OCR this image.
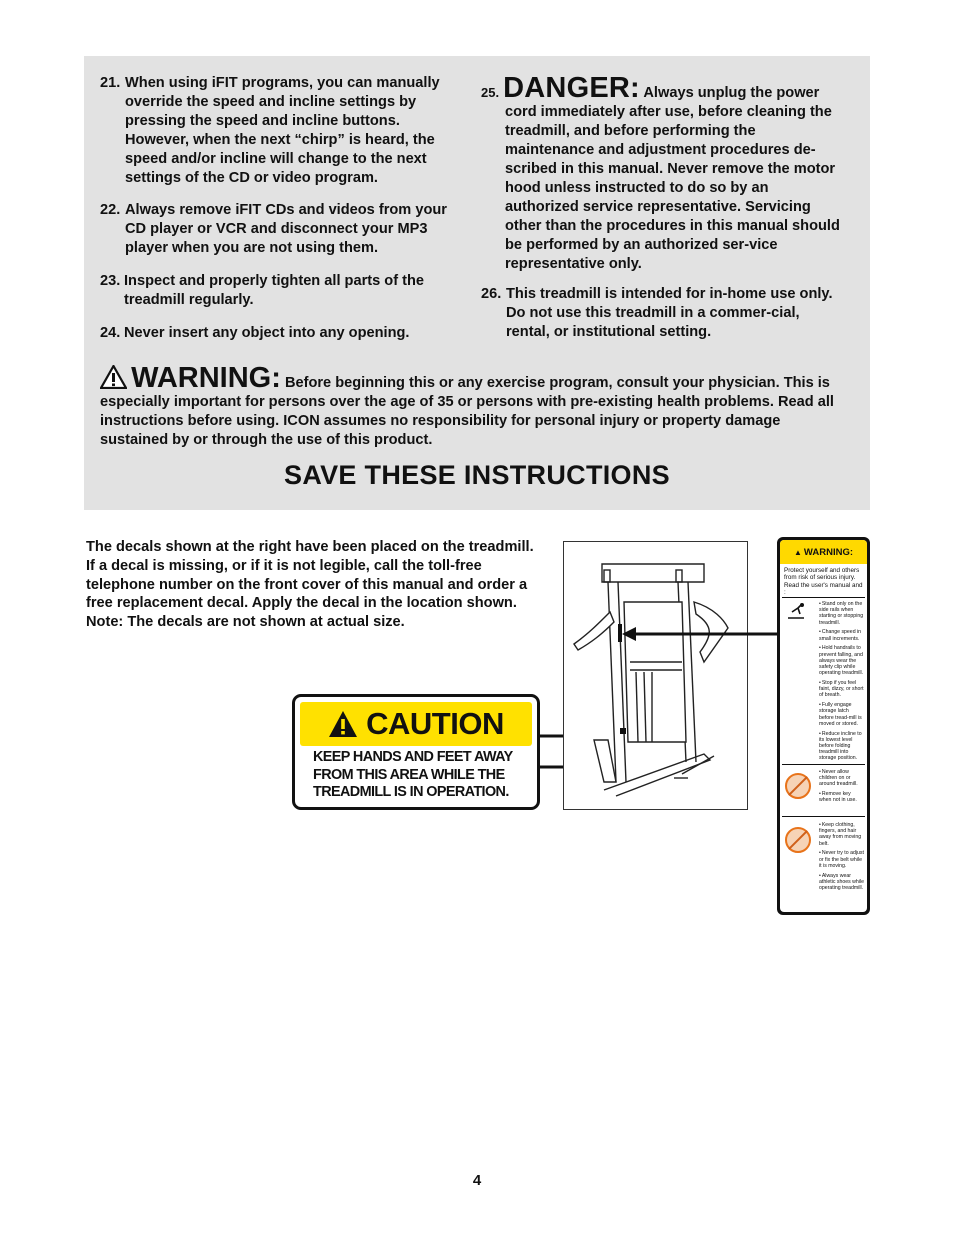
21. When using iFIT programs, you can manually override the speed and incline settings by pressing the speed and incline buttons. However, when the next “chirp” is heard, the speed and/or incline will change to the next settings of the CD or video program.
22. Always remove iFIT CDs and videos from your CD player or VCR and disconnect your MP3 player when you are not using them.
23. Inspect and properly tighten all parts of the treadmill regularly.
24. Never insert any object into any opening.
25. DANGER: Always unplug the power cord immediately after use, before cleaning the treadmill, and before performing the maintenance and adjustment procedures de-scribed in this manual. Never remove the motor hood unless instructed to do so by an authorized service representative. Servicing other than the procedures in this manual should be performed by an authorized ser-vice representative only.
26. This treadmill is intended for in-home use only. Do not use this treadmill in a commer-cial, rental, or institutional setting.
WARNING: Before beginning this or any exercise program, consult your physician. This is especially important for persons over the age of 35 or persons with pre-existing health problems. Read all instructions before using. ICON assumes no responsibility for personal injury or property damage sustained by or through the use of this product.
SAVE THESE INSTRUCTIONS
The decals shown at the right have been placed on the treadmill. If a decal is missing, or if it is not legible, call the toll-free telephone number on the front cover of this manual and order a free replacement decal. Apply the decal in the location shown. Note: The decals are not shown at actual size.
CAUTION
KEEP HANDS AND FEET AWAY
FROM THIS AREA WHILE THE
TREADMILL IS IN OPERATION.
▲ WARNING:
Protect yourself and others from risk of serious injury. Read the user's manual and :
• Stand only on the side rails when starting or stopping treadmill.
• Change speed in small increments.
• Hold handrails to prevent falling, and always wear the safety clip while operating treadmill.
• Stop if you feel faint, dizzy, or short of breath.
• Fully engage storage latch before tread-mill is moved or stored.
• Reduce incline to its lowest level before folding treadmill into storage position.
• Never allow children on or around treadmill.
• Remove key when not in use.
• Keep clothing, fingers, and hair away from moving belt.
• Never try to adjust or fix the belt while it is moving.
• Always wear athletic shoes while operating treadmill.
4
